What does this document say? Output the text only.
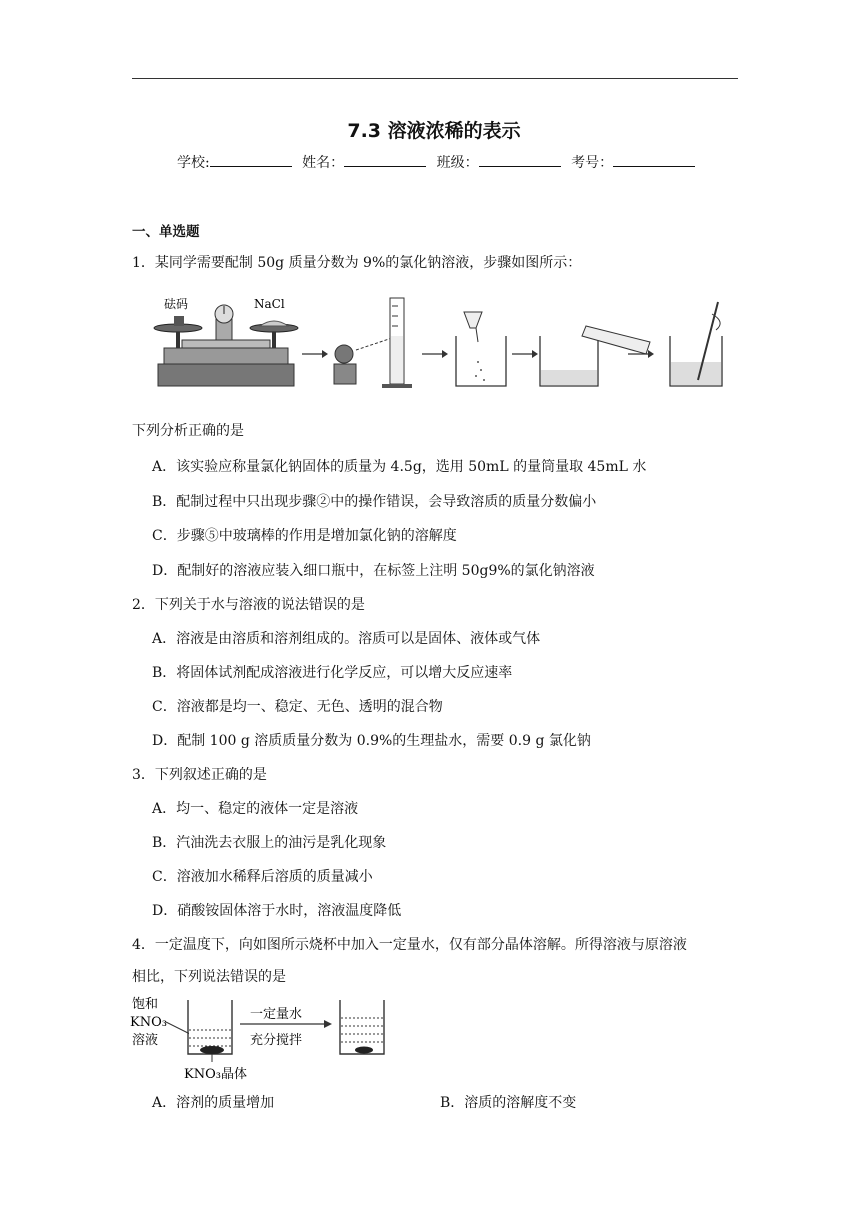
7.3 溶液浓稀的表示
学校:	姓名：	班级：	考号：
一、单选题
1．某同学需要配制 50g 质量分数为 9%的氯化钠溶液，步骤如图所示：
砝码	NaCl
下列分析正确的是
A．该实验应称量氯化钠固体的质量为 4.5g，选用 50mL 的量筒量取 45mL 水
B．配制过程中只出现步骤②中的操作错误，会导致溶质的质量分数偏小
C．步骤⑤中玻璃棒的作用是增加氯化钠的溶解度
D．配制好的溶液应装入细口瓶中，在标签上注明 50g9%的氯化钠溶液
2．下列关于水与溶液的说法错误的是
A．溶液是由溶质和溶剂组成的。溶质可以是固体、液体或气体
B．将固体试剂配成溶液进行化学反应，可以增大反应速率
C．溶液都是均一、稳定、无色、透明的混合物
D．配制 100 g 溶质质量分数为 0.9%的生理盐水，需要 0.9 g 氯化钠
3．下列叙述正确的是
A．均一、稳定的液体一定是溶液
B．汽油洗去衣服上的油污是乳化现象
C．溶液加水稀释后溶质的质量减小
D．硝酸铵固体溶于水时，溶液温度降低
4．一定温度下，向如图所示烧杯中加入一定量水，仅有部分晶体溶解。所得溶液与原溶液
相比，下列说法错误的是
饱和
KNO₃
溶液
KNO₃晶体
一定量水
充分搅拌
A．溶剂的质量增加	B．溶质的溶解度不变
